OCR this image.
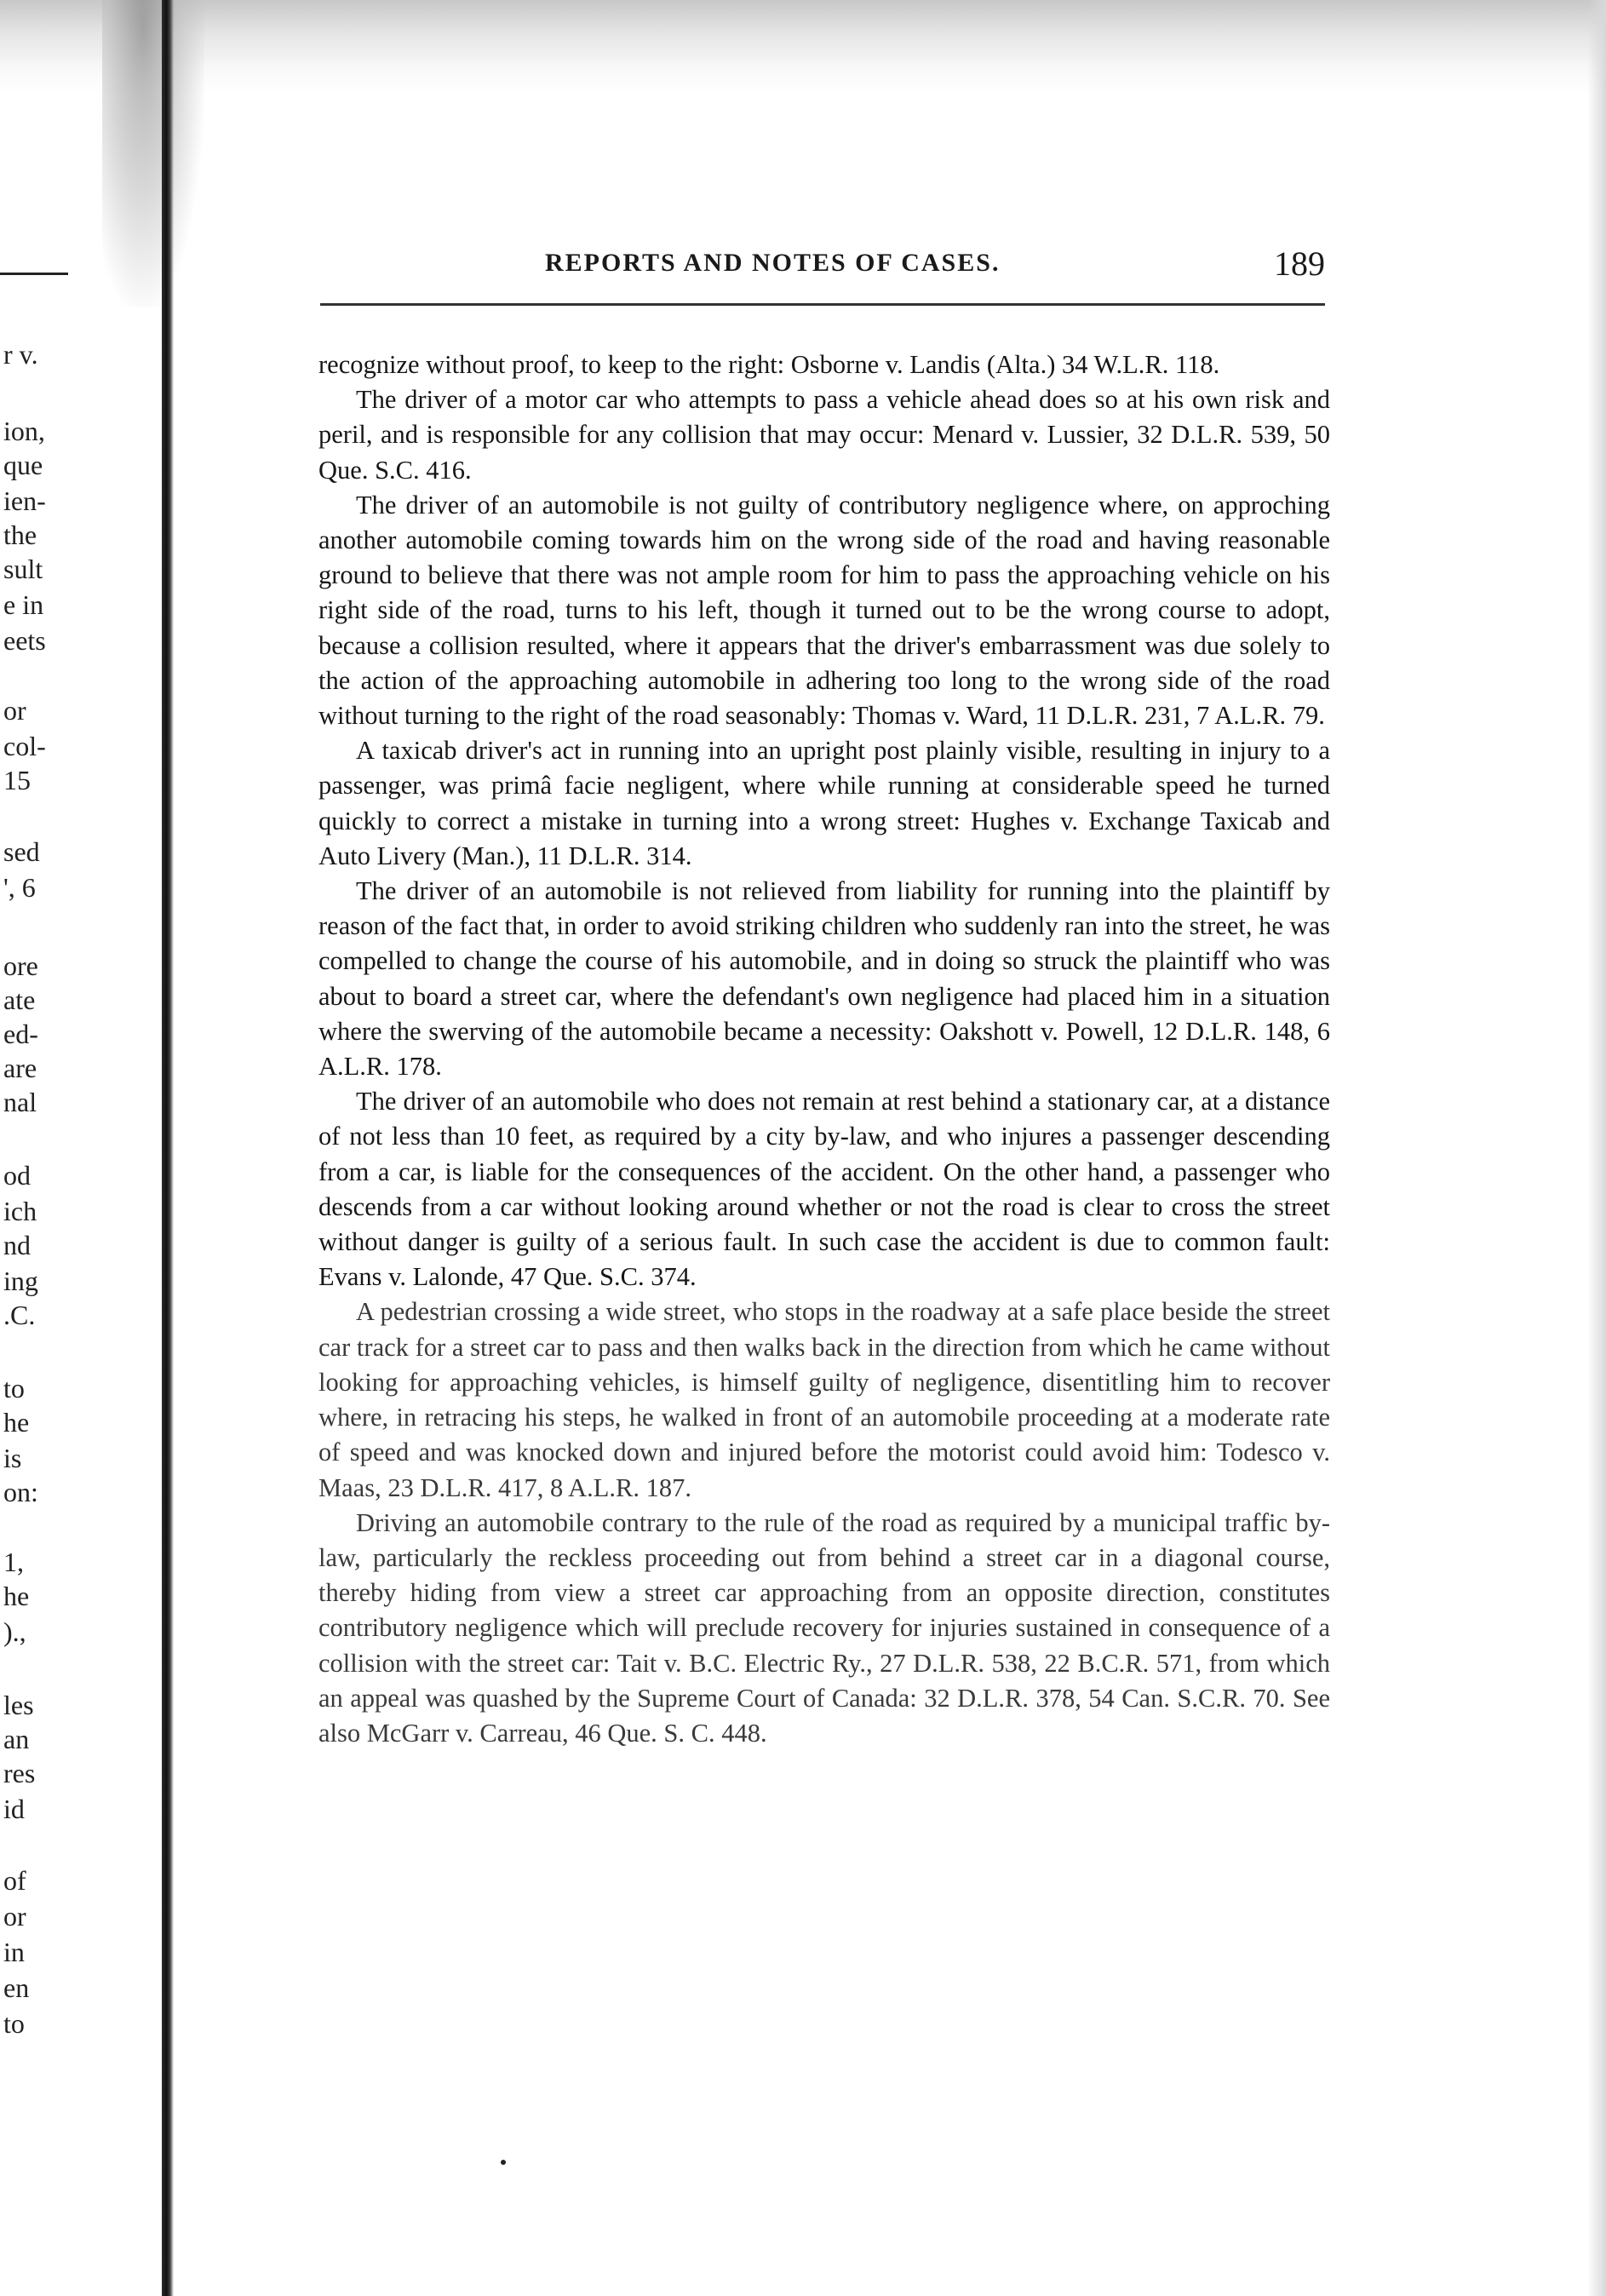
r v.
ion,
que
ien-
the
sult
e in
eets
or
col-
15
sed
', 6
ore
ate
ed-
are
nal
od
ich
nd
ing
.C.
to
he
is
on:
1,
he
).,
les
an
res
id
of
or
in
en
to
REPORTS AND NOTES OF CASES.	189

recognize without proof, to keep to the right: Osborne v. Landis (Alta.) 34 W.L.R. 118.

The driver of a motor car who attempts to pass a vehicle ahead does so at his own risk and peril, and is responsible for any collision that may occur: Menard v. Lussier, 32 D.L.R. 539, 50 Que. S.C. 416.

The driver of an automobile is not guilty of contributory negligence where, on approching another automobile coming towards him on the wrong side of the road and having reasonable ground to believe that there was not ample room for him to pass the approaching vehicle on his right side of the road, turns to his left, though it turned out to be the wrong course to adopt, because a collision resulted, where it appears that the driver's embarrassment was due solely to the action of the approaching automobile in adhering too long to the wrong side of the road without turning to the right of the road seasonably: Thomas v. Ward, 11 D.L.R. 231, 7 A.L.R. 79.

A taxicab driver's act in running into an upright post plainly visible, resulting in injury to a passenger, was primâ facie negligent, where while running at considerable speed he turned quickly to correct a mistake in turning into a wrong street: Hughes v. Exchange Taxicab and Auto Livery (Man.), 11 D.L.R. 314.

The driver of an automobile is not relieved from liability for running into the plaintiff by reason of the fact that, in order to avoid striking children who suddenly ran into the street, he was compelled to change the course of his automobile, and in doing so struck the plaintiff who was about to board a street car, where the defendant's own negligence had placed him in a situation where the swerving of the automobile became a necessity: Oakshott v. Powell, 12 D.L.R. 148, 6 A.L.R. 178.

The driver of an automobile who does not remain at rest behind a stationary car, at a distance of not less than 10 feet, as required by a city by-law, and who injures a passenger descending from a car, is liable for the consequences of the accident. On the other hand, a passenger who descends from a car without looking around whether or not the road is clear to cross the street without danger is guilty of a serious fault. In such case the accident is due to common fault: Evans v. Lalonde, 47 Que. S.C. 374.

A pedestrian crossing a wide street, who stops in the roadway at a safe place beside the street car track for a street car to pass and then walks back in the direction from which he came without looking for approaching vehicles, is himself guilty of negligence, disentitling him to recover where, in retracing his steps, he walked in front of an automobile proceeding at a moderate rate of speed and was knocked down and injured before the motorist could avoid him: Todesco v. Maas, 23 D.L.R. 417, 8 A.L.R. 187.

Driving an automobile contrary to the rule of the road as required by a municipal traffic by-law, particularly the reckless proceeding out from behind a street car in a diagonal course, thereby hiding from view a street car approaching from an opposite direction, constitutes contributory negligence which will preclude recovery for injuries sustained in consequence of a collision with the street car: Tait v. B.C. Electric Ry., 27 D.L.R. 538, 22 B.C.R. 571, from which an appeal was quashed by the Supreme Court of Canada: 32 D.L.R. 378, 54 Can. S.C.R. 70. See also McGarr v. Carreau, 46 Que. S. C. 448.
